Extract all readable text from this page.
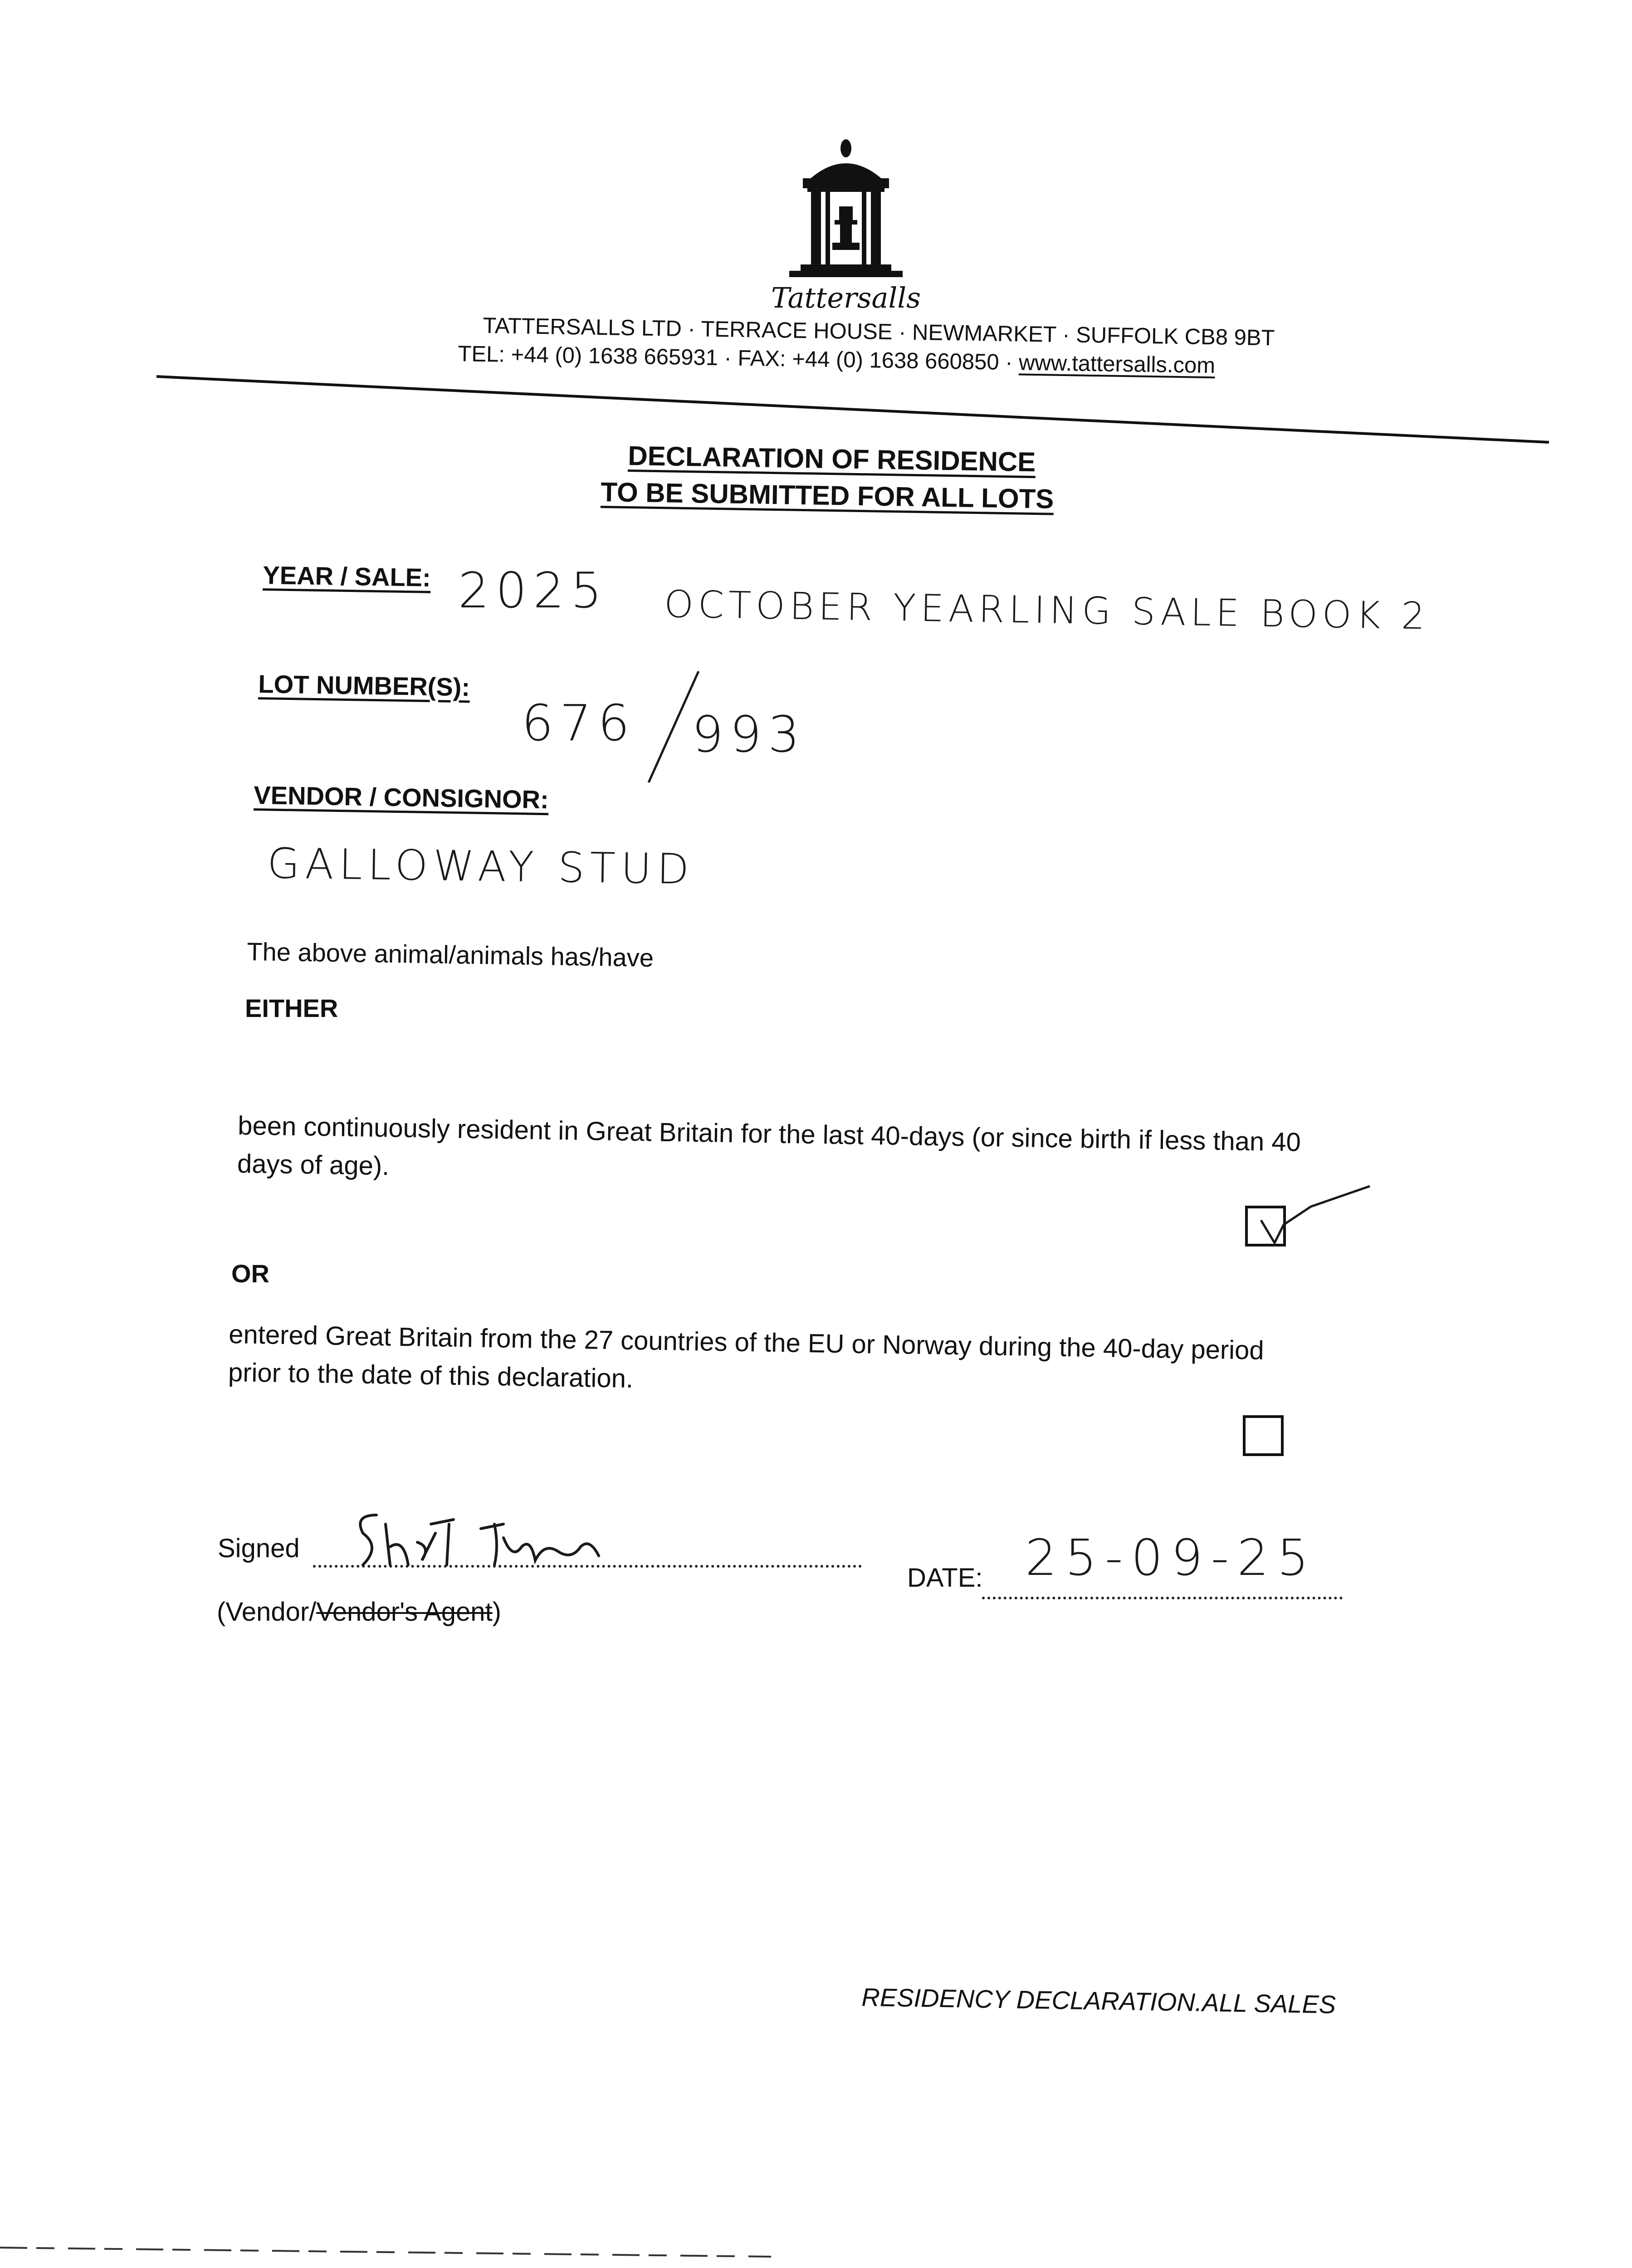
Tattersalls
TATTERSALLS LTD · TERRACE HOUSE · NEWMARKET · SUFFOLK CB8 9BT
TEL: +44 (0) 1638 665931 · FAX: +44 (0) 1638 660850 · www.tattersalls.com
DECLARATION OF RESIDENCE
TO BE SUBMITTED FOR ALL LOTS
YEAR / SALE: 2025 OCTOBER YEARLING SALE BOOK 2
LOT NUMBER(S):
676 993
VENDOR / CONSIGNOR:
GALLOWAY STUD
The above animal/animals has/have
EITHER
been continuously resident in Great Britain for the last 40-days (or since birth if less than 40
days of age).
OR
entered Great Britain from the 27 countries of the EU or Norway during the 40-day period
prior to the date of this declaration.
Signed
(Vendor/Vendor's Agent)
DATE: 25-09-25
RESIDENCY DECLARATION.ALL SALES
